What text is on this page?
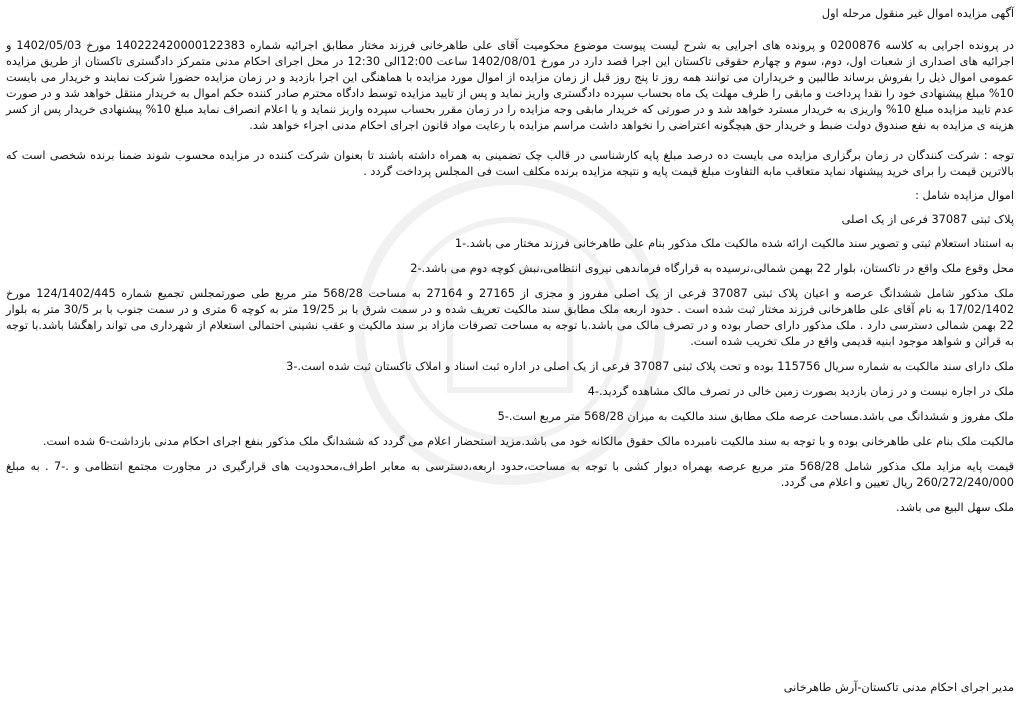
آگهی مزایده اموال غیر منقول مرحله اول

در پرونده اجرایی به کلاسه 0200876 و پرونده های اجرایی به شرح لیست پیوست موضوع محکومیت آقای علی طاهرخانی فرزند مختار مطابق اجرائیه شماره 140222420000122383 مورخ 1402/05/03 و اجرائیه های اصداری از شعبات اول، دوم، سوم و چهارم حقوقی تاکستان این اجرا قصد دارد در مورخ 1402/08/01 ساعت 12:00الی 12:30 در محل اجرای احکام مدنی متمرکز دادگستری تاکستان از طریق مزایده عمومی اموال ذیل را بفروش برساند طالبین و خریداران می توانند همه روز تا پنج روز قبل از زمان مزایده از اموال مورد مزایده با هماهنگی این اجرا بازدید و در زمان مزایده حضورا شرکت نمایند و خریدار می بایست 10% مبلغ پیشنهادی خود را نقدا پرداخت و مابقی را ظرف مهلت یک ماه بحساب سپرده دادگستری واریز نماید و پس از تایید مزایده توسط دادگاه محترم صادر کننده حکم اموال به خریدار منتقل خواهد شد و در صورت عدم تایید مزایده مبلغ 10% واریزی به خریدار مسترد خواهد شد و در صورتی که خریدار مابقی وجه مزایده را در زمان مقرر بحساب سپرده واریز ننماید و یا اعلام انصراف نماید مبلغ 10% پیشنهادی خریدار پس از کسر هزینه ی مزایده به نفع صندوق دولت ضبط و خریدار حق هیچگونه اعتراضی را نخواهد داشت مراسم مزایده با رعایت مواد قانون اجرای احکام مدنی اجراء خواهد شد.

توجه : شرکت کنندگان در زمان برگزاری مزایده می بایست ده درصد مبلغ پایه کارشناسی در قالب چک تضمینی به همراه داشته باشند تا بعنوان شرکت کننده در مزایده محسوب شوند ضمنا برنده شخصی است که بالاترین قیمت را برای خرید پیشنهاد نماید متعاقب مابه التفاوت مبلغ قیمت پایه و نتیجه مزایده برنده مکلف است فی المجلس پرداخت گردد .

اموال مزایده شامل :

پلاک ثبتی 37087 فرعی از یک اصلی

به استناد استعلام ثبتی و تصویر سند مالکیت ارائه شده مالکیت ملک مذکور بنام علی طاهرخانی فرزند مختار می باشد.-1

محل وقوع ملک واقع در تاکستان، بلوار 22 بهمن شمالی،نرسیده به قرارگاه فرماندهی نیروی انتظامی،نبش کوچه دوم می باشد.-2

ملک مذکور شامل ششدانگ عرصه و اعیان پلاک ثبتی 37087 فرعی از یک اصلی مفروز و مجزی از 27165 و 27164 به مساحت 568/28 متر مربع طی صورتمجلس تجمیع شماره 124/1402/445 مورخ 17/02/1402 به نام آقای علی طاهرخانی فرزند مختار ثبت شده است . حدود اربعه ملک مطابق سند مالکیت تعریف شده و در سمت شرق با بر 19/25 متر به کوچه 6 متری و در سمت جنوب با بر 30/5 متر به بلوار 22 بهمن شمالی دسترسی دارد . ملک مذکور دارای حصار بوده و در تصرف مالک می باشد.با توجه به مساحت تصرفات مازاد بر سند مالکیت و عقب نشینی احتمالی استعلام از شهرداری می تواند راهگشا باشد.با توجه به قرائن و شواهد موجود ابنیه قدیمی واقع در ملک تخریب شده است.

ملک دارای سند مالکیت به شماره سریال 115756 بوده و تحت پلاک ثبتی 37087 فرعی از یک اصلی در اداره ثبت اسناد و املاک تاکستان ثبت شده است.-3

ملک در اجاره نیست و در زمان بازدید بصورت زمین خالی در تصرف مالک مشاهده گردید.-4

ملک مفروز و ششدانگ می باشد.مساحت عرصه ملک مطابق سند مالکیت به میزان 568/28 متر مربع است.-5

مالکیت ملک بنام علی طاهرخانی بوده و با توجه به سند مالکیت نامبرده مالک حقوق مالکانه خود می باشد.مزید استحضار اعلام می گردد که ششدانگ ملک مذکور بنفع اجرای احکام مدنی بازداشت-6 شده است.

قیمت پایه مزاید ملک مذکور شامل 568/28 متر مربع عرصه بهمراه دیوار کشی با توجه به مساحت،حدود اربعه،دسترسی به معابر اطراف،محدودیت های قرارگیری در مجاورت مجتمع انتظامی و .-7 . به مبلغ 260/272/240/000 ریال تعیین و اعلام می گردد.

ملک سهل البیع می باشد.

مدیر اجرای احکام مدنی تاکستان-آرش طاهرخانی
